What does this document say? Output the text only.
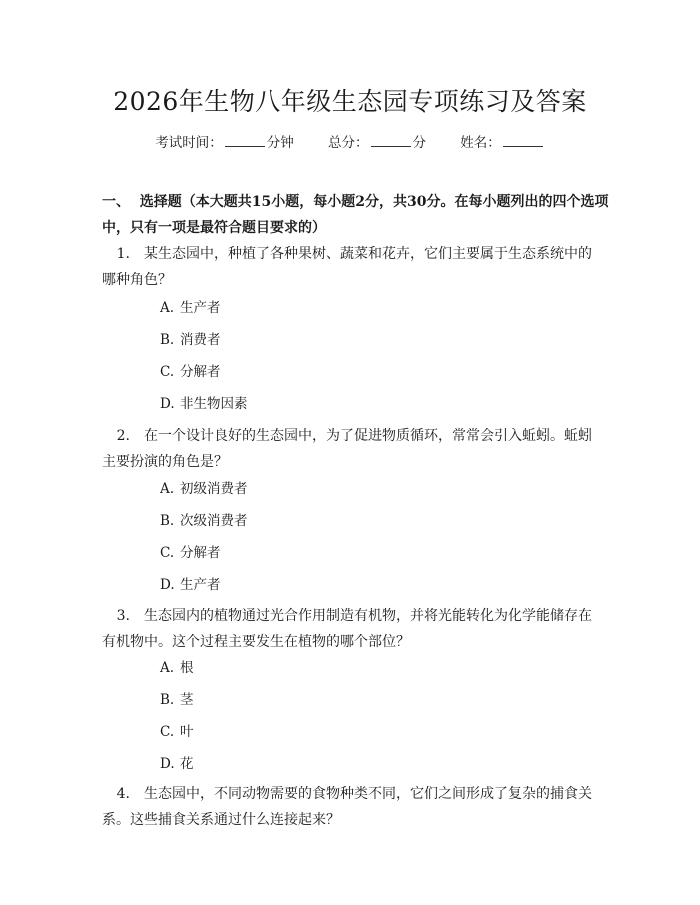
2026年生物八年级生态园专项练习及答案
考试时间：	分钟	总分：	分	姓名：
一、 选择题（本大题共15小题，每小题2分，共30分。在每小题列出的四个选项中，只有一项是最符合题目要求的）
1. 某生态园中，种植了各种果树、蔬菜和花卉，它们主要属于生态系统中的哪种角色？
A. 生产者
B. 消费者
C. 分解者
D. 非生物因素
2. 在一个设计良好的生态园中，为了促进物质循环，常常会引入蚯蚓。蚯蚓主要扮演的角色是？
A. 初级消费者
B. 次级消费者
C. 分解者
D. 生产者
3. 生态园内的植物通过光合作用制造有机物，并将光能转化为化学能储存在有机物中。这个过程主要发生在植物的哪个部位？
A. 根
B. 茎
C. 叶
D. 花
4. 生态园中，不同动物需要的食物种类不同，它们之间形成了复杂的捕食关系。这些捕食关系通过什么连接起来？
